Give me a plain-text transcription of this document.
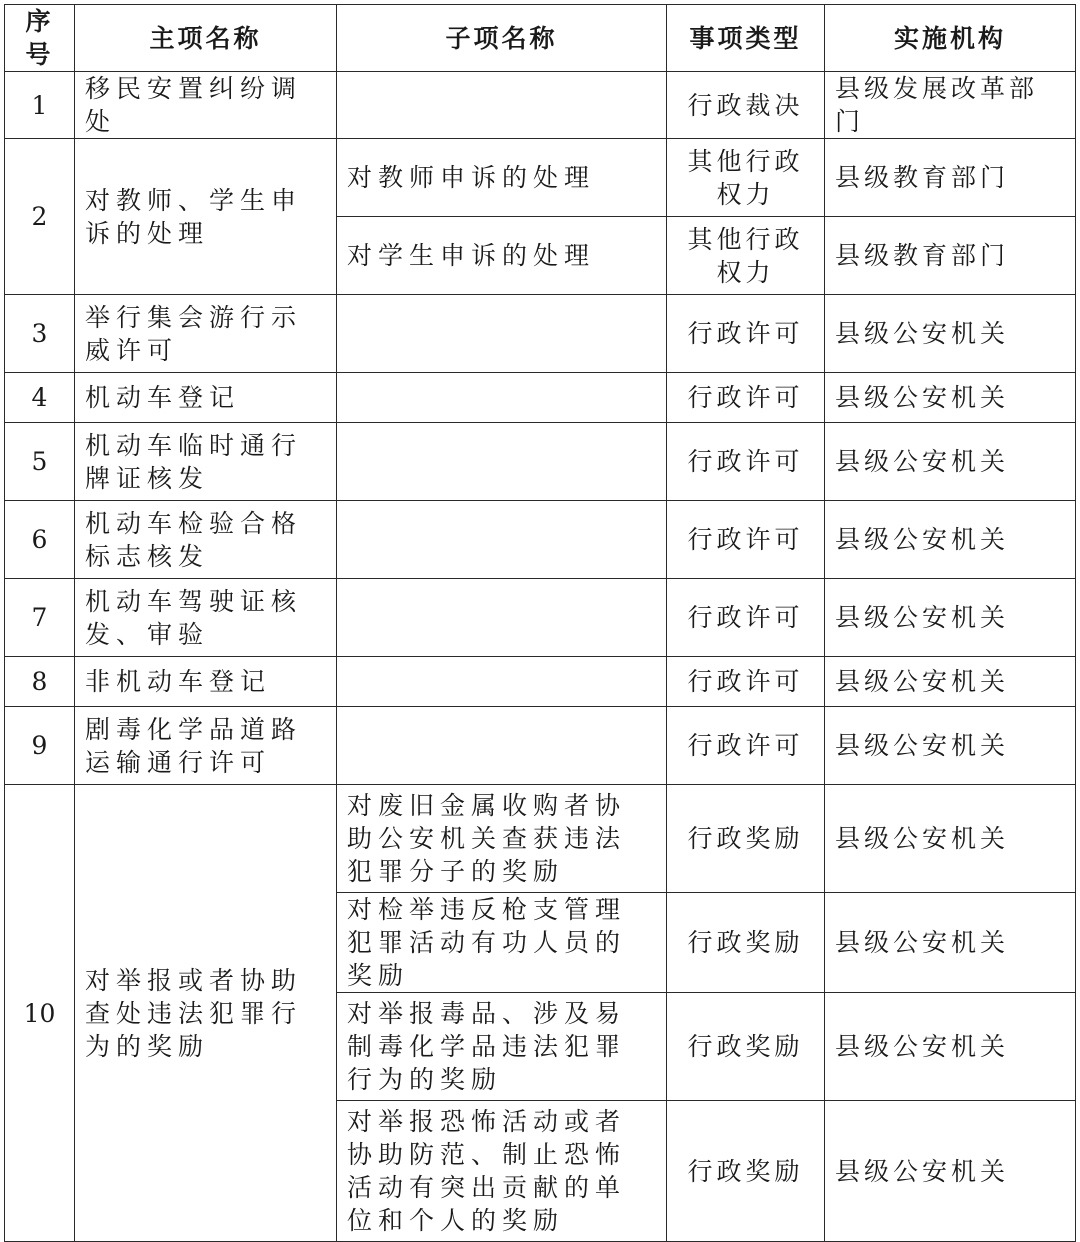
序号	主项名称	子项名称	事项类型	实施机构
1	移民安置纠纷调处		行政裁决	县级发展改革部门
2	对教师、学生申诉的处理	对教师申诉的处理	其他行政权力	县级教育部门
		对学生申诉的处理	其他行政权力	县级教育部门
3	举行集会游行示威许可		行政许可	县级公安机关
4	机动车登记		行政许可	县级公安机关
5	机动车临时通行牌证核发		行政许可	县级公安机关
6	机动车检验合格标志核发		行政许可	县级公安机关
7	机动车驾驶证核发、审验		行政许可	县级公安机关
8	非机动车登记		行政许可	县级公安机关
9	剧毒化学品道路运输通行许可		行政许可	县级公安机关
10	对举报或者协助查处违法犯罪行为的奖励	对废旧金属收购者协助公安机关查获违法犯罪分子的奖励	行政奖励	县级公安机关
		对检举违反枪支管理犯罪活动有功人员的奖励	行政奖励	县级公安机关
		对举报毒品、涉及易制毒化学品违法犯罪行为的奖励	行政奖励	县级公安机关
		对举报恐怖活动或者协助防范、制止恐怖活动有突出贡献的单位和个人的奖励	行政奖励	县级公安机关
